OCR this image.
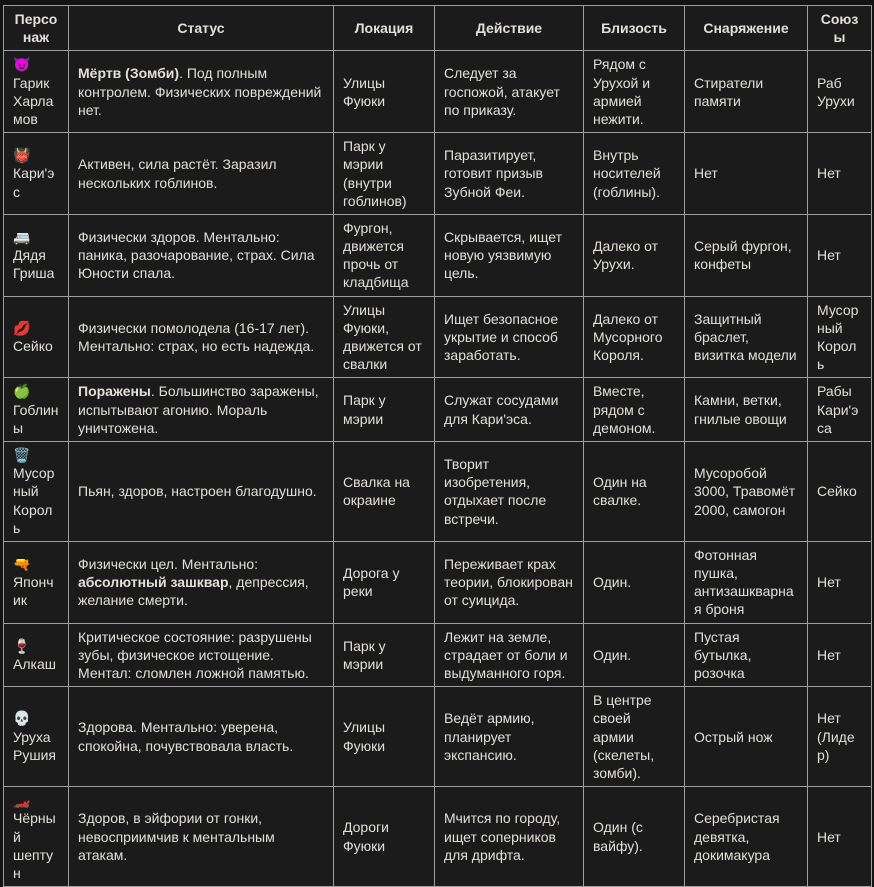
Персонаж	Статус	Локация	Действие	Близость	Снаряжение	Союзы
👿 Гарик Харламов	Мёртв (Зомби). Под полным контролем. Физических повреждений нет.	Улицы Фуюки	Следует за госпожой, атакует по приказу.	Рядом с Урухой и армией нежити.	Стиратели памяти	Раб Урухи
👹 Кари'эс	Активен, сила растёт. Заразил нескольких гоблинов.	Парк у мэрии (внутри гоблинов)	Паразитирует, готовит призыв Зубной Феи.	Внутрь носителей (гоблины).	Нет	Нет
🚐 Дядя Гриша	Физически здоров. Ментально: паника, разочарование, страх. Сила Юности спала.	Фургон, движется прочь от кладбища	Скрывается, ищет новую уязвимую цель.	Далеко от Урухи.	Серый фургон, конфеты	Нет
💋 Сейко	Физически помолодела (16-17 лет). Ментально: страх, но есть надежда.	Улицы Фуюки, движется от свалки	Ищет безопасное укрытие и способ заработать.	Далеко от Мусорного Короля.	Защитный браслет, визитка модели	Мусорный Король
🍏 Гоблины	Поражены. Большинство заражены, испытывают агонию. Мораль уничтожена.	Парк у мэрии	Служат сосудами для Кари'эса.	Вместе, рядом с демоном.	Камни, ветки, гнилые овощи	Рабы Кари'эса
🗑️ Мусорный Король	Пьян, здоров, настроен благодушно.	Свалка на окраине	Творит изобретения, отдыхает после встречи.	Один на свалке.	Мусоробой 3000, Травомёт 2000, самогон	Сейко
🔫 Япончик	Физически цел. Ментально: абсолютный зашквар, депрессия, желание смерти.	Дорога у реки	Переживает крах теории, блокирован от суицида.	Один.	Фотонная пушка, антизашкварная броня	Нет
🍷 Алкаш	Критическое состояние: разрушены зубы, физическое истощение. Ментал: сломлен ложной памятью.	Парк у мэрии	Лежит на земле, страдает от боли и выдуманного горя.	Один.	Пустая бутылка, розочка	Нет
💀 Уруха Рушия	Здорова. Ментально: уверена, спокойна, почувствовала власть.	Улицы Фуюки	Ведёт армию, планирует экспансию.	В центре своей армии (скелеты, зомби).	Острый нож	Нет (Лидер)
🏎️ Чёрный шептун	Здоров, в эйфории от гонки, невосприимчив к ментальным атакам.	Дороги Фуюки	Мчится по городу, ищет соперников для дрифта.	Один (с вайфу).	Серебристая девятка, докимакура	Нет
